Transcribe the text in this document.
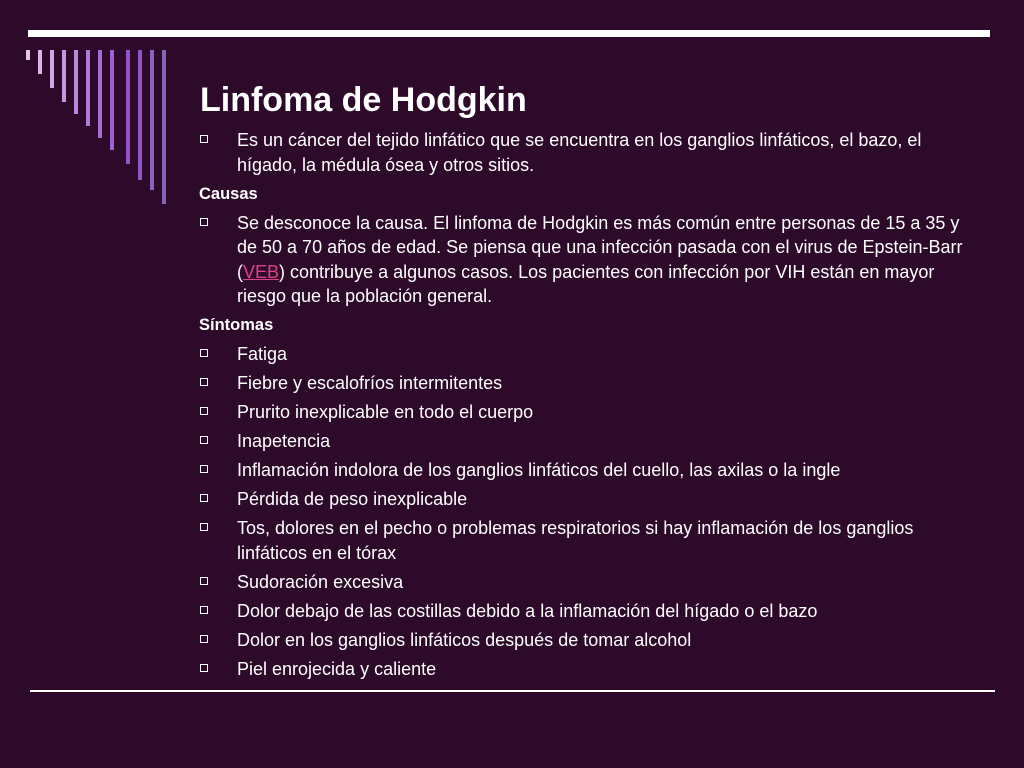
Linfoma de Hodgkin
Es un cáncer del tejido linfático que se encuentra en los ganglios linfáticos, el bazo, el hígado, la médula ósea y otros sitios.
Causas
Se desconoce la causa. El linfoma de Hodgkin es más común entre personas de 15 a 35 y de 50 a 70 años de edad. Se piensa que una infección pasada con el virus de Epstein-Barr (VEB) contribuye a algunos casos. Los pacientes con infección por VIH están en mayor riesgo que la población general.
Síntomas
Fatiga
Fiebre y escalofríos intermitentes
Prurito inexplicable en todo el cuerpo
Inapetencia
Inflamación indolora de los ganglios linfáticos del cuello, las axilas o la ingle
Pérdida de peso inexplicable
Tos, dolores en el pecho o problemas respiratorios si hay inflamación de los ganglios linfáticos en el tórax
Sudoración excesiva
Dolor debajo de las costillas debido a la inflamación del hígado o el bazo
Dolor en los ganglios linfáticos después de tomar alcohol
Piel enrojecida y caliente
